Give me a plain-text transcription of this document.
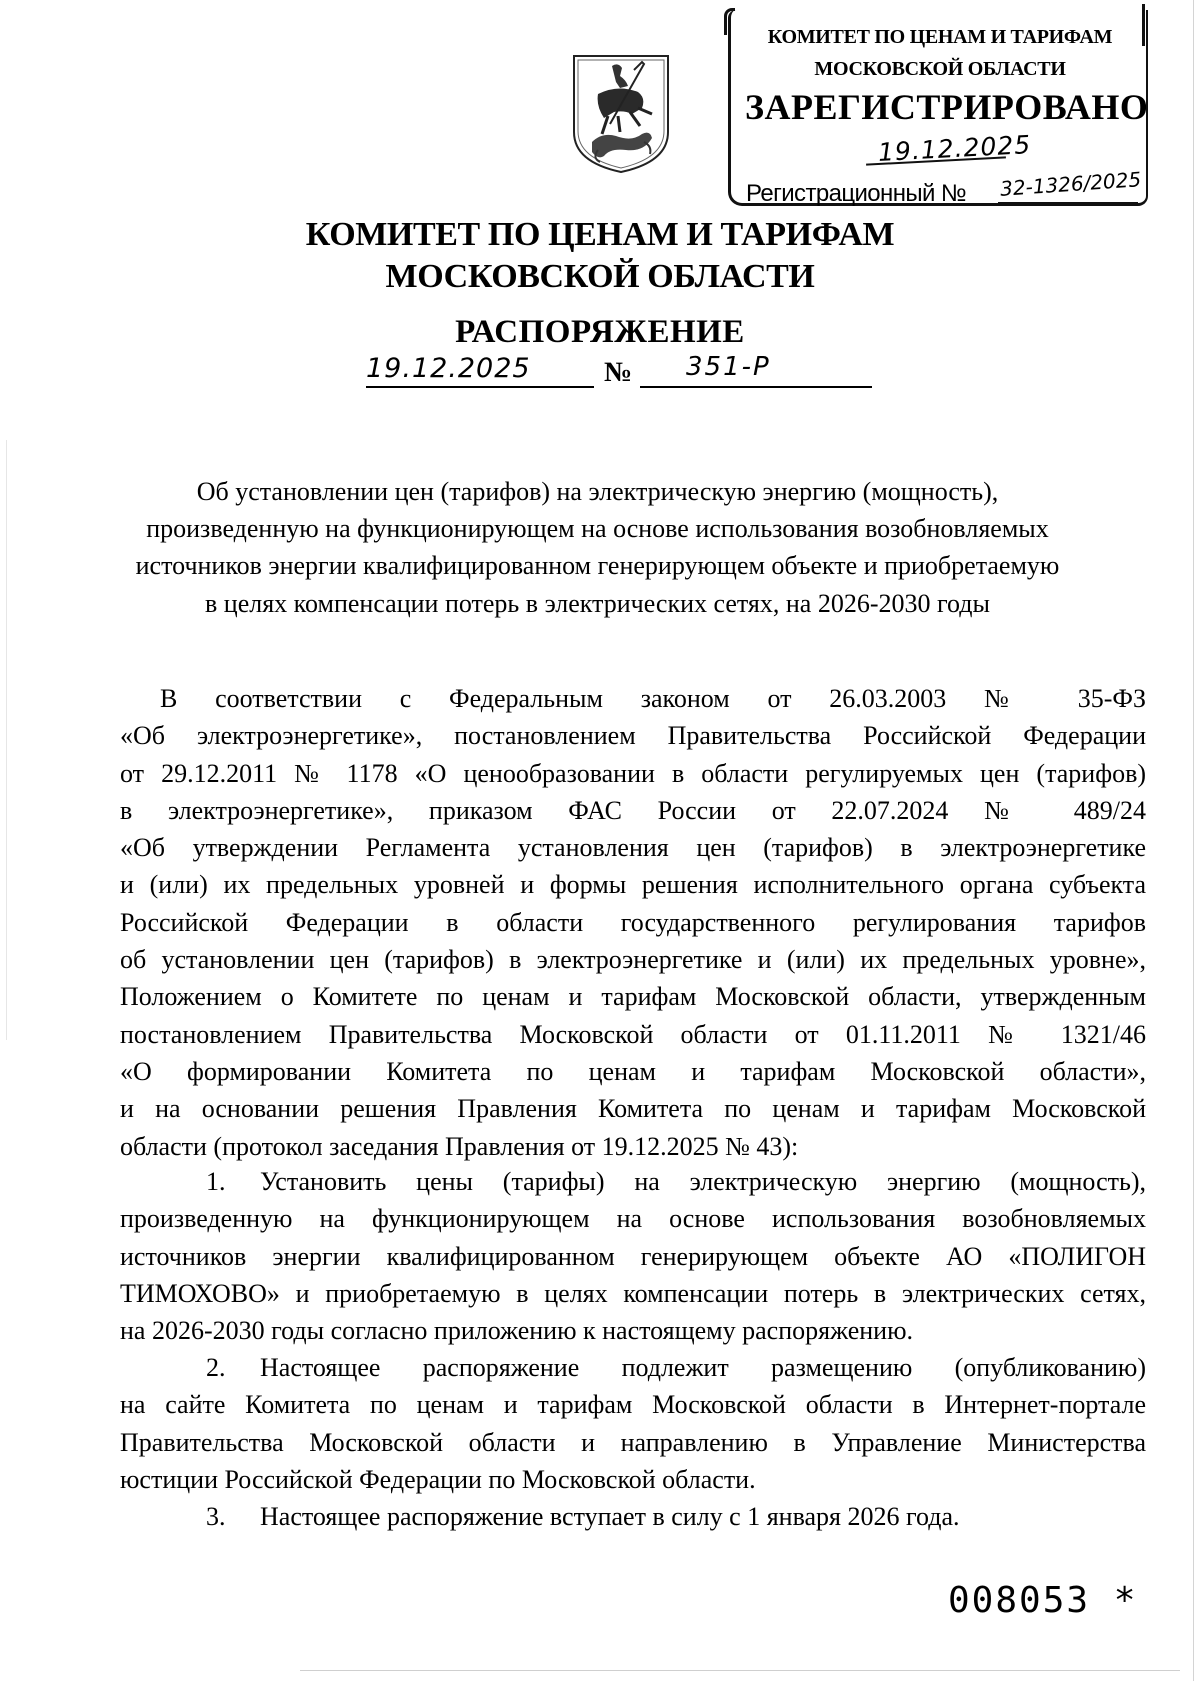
КОМИТЕТ ПО ЦЕНАМ И ТАРИФАМ
МОСКОВСКОЙ ОБЛАСТИ
ЗАРЕГИСТРИРОВАНО
19.12.2025
Регистрационный № 32-1326/2025
КОМИТЕТ ПО ЦЕНАМ И ТАРИФАМ
МОСКОВСКОЙ ОБЛАСТИ
РАСПОРЯЖЕНИЕ
19.12.2025	№ 351-Р
Об установлении цен (тарифов) на электрическую энергию (мощность),
произведенную на функционирующем на основе использования возобновляемых
источников энергии квалифицированном генерирующем объекте и приобретаемую
в целях компенсации потерь в электрических сетях, на 2026-2030 годы
В соответствии с Федеральным законом от 26.03.2003 № 35-ФЗ
«Об электроэнергетике», постановлением Правительства Российской Федерации
от 29.12.2011 № 1178 «О ценообразовании в области регулируемых цен (тарифов)
в электроэнергетике», приказом ФАС России от 22.07.2024 № 489/24
«Об утверждении Регламента установления цен (тарифов) в электроэнергетике
и (или) их предельных уровней и формы решения исполнительного органа субъекта
Российской Федерации в области государственного регулирования тарифов
об установлении цен (тарифов) в электроэнергетике и (или) их предельных уровне»,
Положением о Комитете по ценам и тарифам Московской области, утвержденным
постановлением Правительства Московской области от 01.11.2011 № 1321/46
«О формировании Комитета по ценам и тарифам Московской области»,
и на основании решения Правления Комитета по ценам и тарифам Московской
области (протокол заседания Правления от 19.12.2025 № 43):
1. Установить цены (тарифы) на электрическую энергию (мощность),
произведенную на функционирующем на основе использования возобновляемых
источников энергии квалифицированном генерирующем объекте АО «ПОЛИГОН
ТИМОХОВО» и приобретаемую в целях компенсации потерь в электрических сетях,
на 2026-2030 годы согласно приложению к настоящему распоряжению.
2. Настоящее распоряжение подлежит размещению (опубликованию)
на сайте Комитета по ценам и тарифам Московской области в Интернет-портале
Правительства Московской области и направлению в Управление Министерства
юстиции Российской Федерации по Московской области.
3. Настоящее распоряжение вступает в силу с 1 января 2026 года.
008053 *
